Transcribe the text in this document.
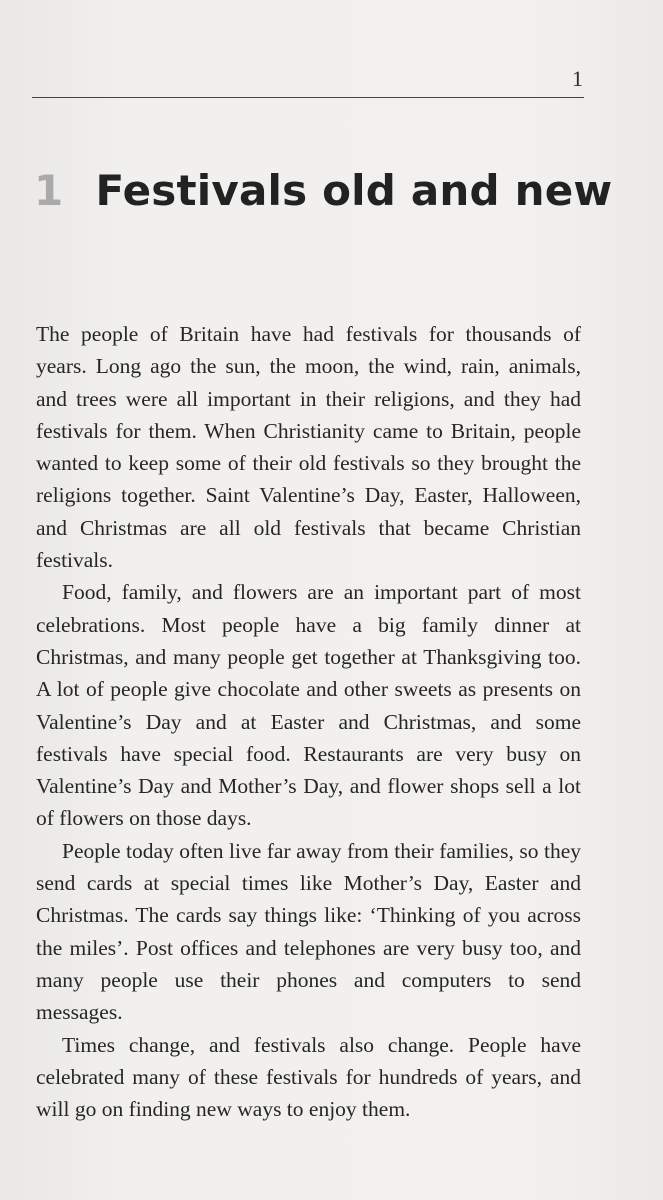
1
1 Festivals old and new

The people of Britain have had festivals for thousands of years. Long ago the sun, the moon, the wind, rain, animals, and trees were all important in their religions, and they had festivals for them. When Christianity came to Britain, people wanted to keep some of their old festivals so they brought the religions together. Saint Valentine’s Day, Easter, Halloween, and Christmas are all old festivals that became Christian festivals.

Food, family, and flowers are an important part of most celebrations. Most people have a big family dinner at Christmas, and many people get together at Thanksgiving too. A lot of people give chocolate and other sweets as presents on Valentine’s Day and at Easter and Christmas, and some festivals have special food. Restaurants are very busy on Valentine’s Day and Mother’s Day, and flower shops sell a lot of flowers on those days.

People today often live far away from their families, so they send cards at special times like Mother’s Day, Easter and Christmas. The cards say things like: ‘Thinking of you across the miles’. Post offices and telephones are very busy too, and many people use their phones and computers to send messages.

Times change, and festivals also change. People have celebrated many of these festivals for hundreds of years, and will go on finding new ways to enjoy them.
